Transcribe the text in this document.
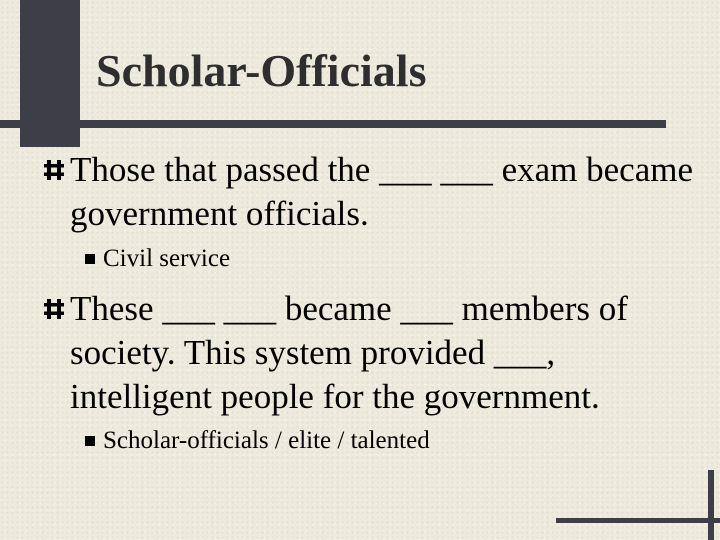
Scholar-Officials
Those that passed the ___ ___ exam became government officials.
Civil service
These ___ ___ became ___ members of society. This system provided ___, intelligent people for the government.
Scholar-officials / elite / talented
